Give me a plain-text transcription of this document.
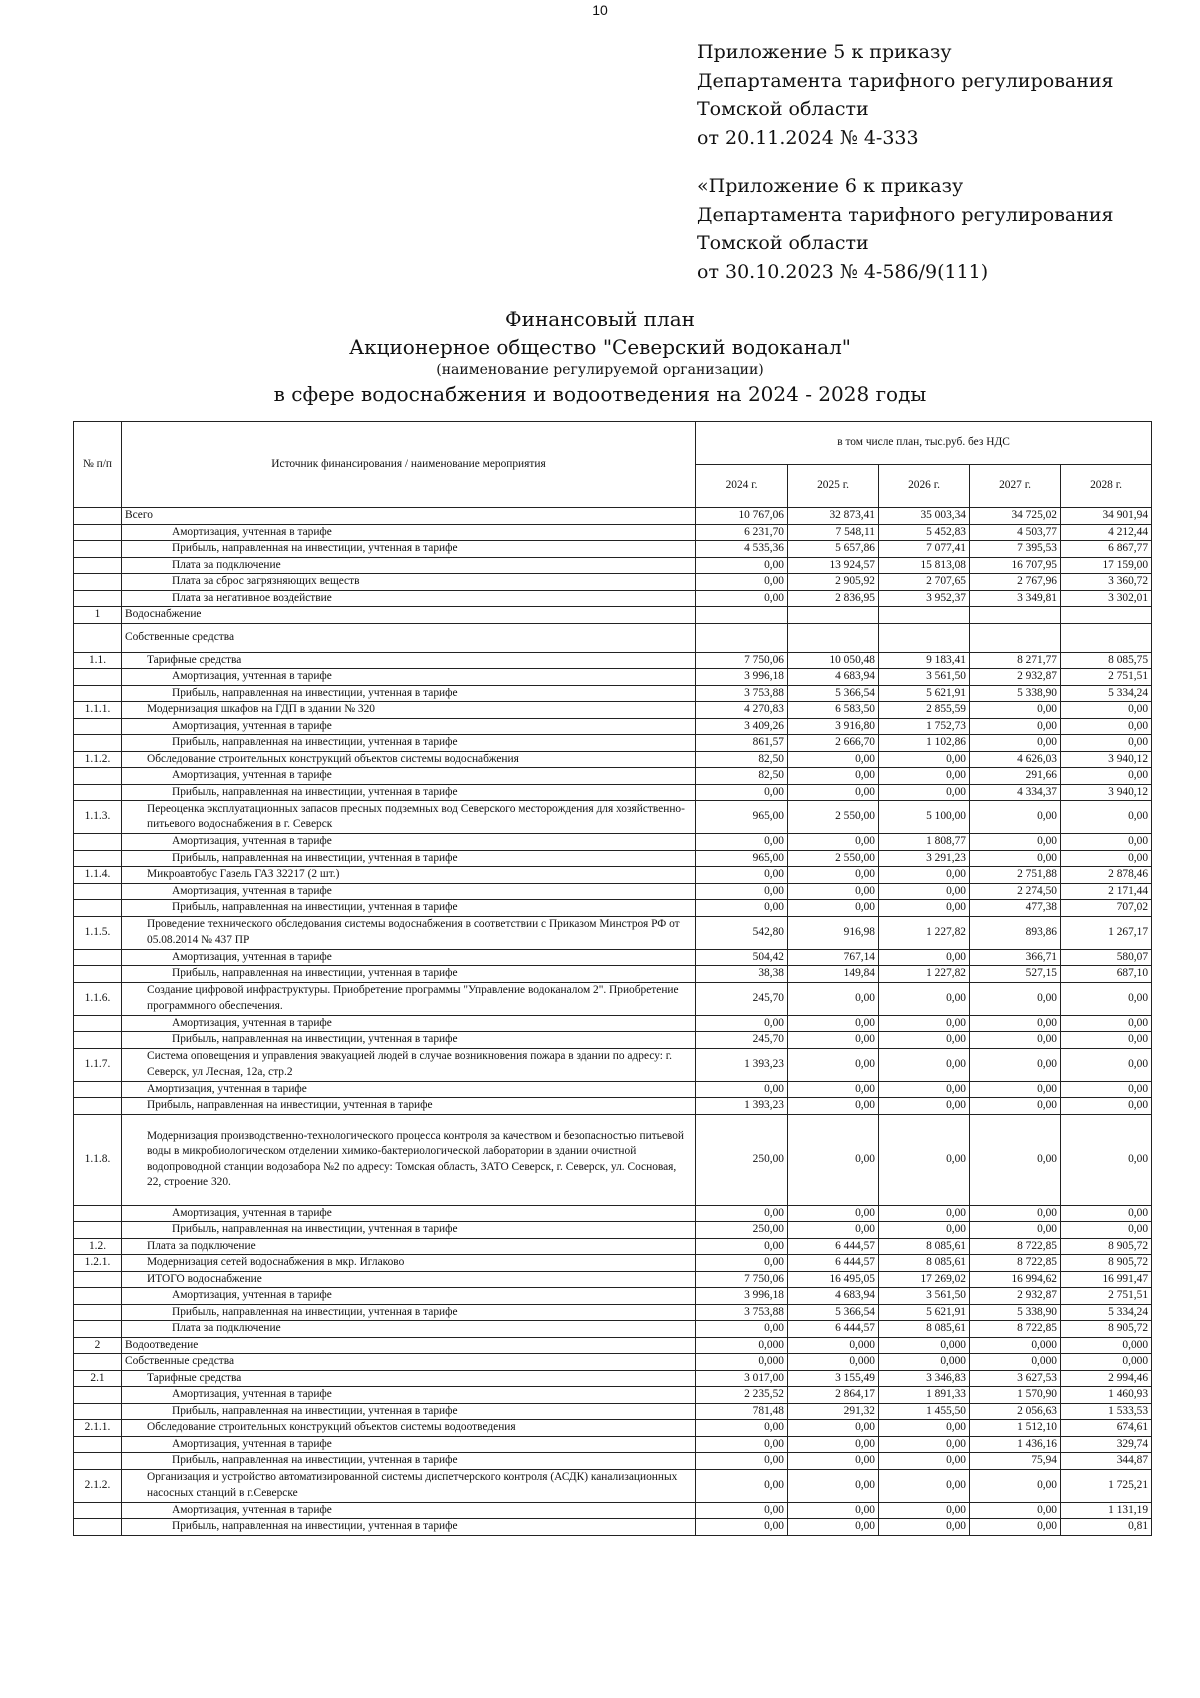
10
Приложение 5 к приказу
Департамента тарифного регулирования
Томской области
от 20.11.2024 № 4-333
«Приложение 6 к приказу
Департамента тарифного регулирования
Томской области
от 30.10.2023 № 4-586/9(111)
Финансовый план
Акционерное общество "Северский водоканал"
(наименование регулируемой организации)
в сфере водоснабжения и водоотведения на 2024 - 2028 годы
№ п/п	Источник финансирования / наименование мероприятия	в том числе план, тыс.руб. без НДС				
		2024 г.	2025 г.	2026 г.	2027 г.	2028 г.
	Всего	10 767,06	32 873,41	35 003,34	34 725,02	34 901,94
	Амортизация, учтенная в тарифе	6 231,70	7 548,11	5 452,83	4 503,77	4 212,44
	Прибыль, направленная на инвестиции, учтенная в тарифе	4 535,36	5 657,86	7 077,41	7 395,53	6 867,77
	Плата за подключение	0,00	13 924,57	15 813,08	16 707,95	17 159,00
	Плата за сброс загрязняющих веществ	0,00	2 905,92	2 707,65	2 767,96	3 360,72
	Плата за негативное воздействие	0,00	2 836,95	3 952,37	3 349,81	3 302,01
1	Водоснабжение					
	Собственные средства					
1.1.	Тарифные средства	7 750,06	10 050,48	9 183,41	8 271,77	8 085,75
	Амортизация, учтенная в тарифе	3 996,18	4 683,94	3 561,50	2 932,87	2 751,51
	Прибыль, направленная на инвестиции, учтенная в тарифе	3 753,88	5 366,54	5 621,91	5 338,90	5 334,24
1.1.1.	Модернизация шкафов на ГДП в здании № 320	4 270,83	6 583,50	2 855,59	0,00	0,00
	Амортизация, учтенная в тарифе	3 409,26	3 916,80	1 752,73	0,00	0,00
	Прибыль, направленная на инвестиции, учтенная в тарифе	861,57	2 666,70	1 102,86	0,00	0,00
1.1.2.	Обследование строительных конструкций объектов системы водоснабжения	82,50	0,00	0,00	4 626,03	3 940,12
	Амортизация, учтенная в тарифе	82,50	0,00	0,00	291,66	0,00
	Прибыль, направленная на инвестиции, учтенная в тарифе	0,00	0,00	0,00	4 334,37	3 940,12
1.1.3.	Переоценка эксплуатационных запасов пресных подземных вод Северского месторождения для хозяйственно-питьевого водоснабжения в г. Северск	965,00	2 550,00	5 100,00	0,00	0,00
	Амортизация, учтенная в тарифе	0,00	0,00	1 808,77	0,00	0,00
	Прибыль, направленная на инвестиции, учтенная в тарифе	965,00	2 550,00	3 291,23	0,00	0,00
1.1.4.	Микроавтобус Газель ГАЗ 32217 (2 шт.)	0,00	0,00	0,00	2 751,88	2 878,46
	Амортизация, учтенная в тарифе	0,00	0,00	0,00	2 274,50	2 171,44
	Прибыль, направленная на инвестиции, учтенная в тарифе	0,00	0,00	0,00	477,38	707,02
1.1.5.	Проведение технического обследования системы водоснабжения в соответствии с Приказом Минстроя РФ от 05.08.2014 № 437 ПР	542,80	916,98	1 227,82	893,86	1 267,17
	Амортизация, учтенная в тарифе	504,42	767,14	0,00	366,71	580,07
	Прибыль, направленная на инвестиции, учтенная в тарифе	38,38	149,84	1 227,82	527,15	687,10
1.1.6.	Создание цифровой инфраструктуры. Приобретение программы "Управление водоканалом 2". Приобретение программного обеспечения.	245,70	0,00	0,00	0,00	0,00
	Амортизация, учтенная в тарифе	0,00	0,00	0,00	0,00	0,00
	Прибыль, направленная на инвестиции, учтенная в тарифе	245,70	0,00	0,00	0,00	0,00
1.1.7.	Система оповещения и управления эвакуацией людей в случае возникновения пожара в здании по адресу: г. Северск, ул Лесная, 12а, стр.2	1 393,23	0,00	0,00	0,00	0,00
	Амортизация, учтенная в тарифе	0,00	0,00	0,00	0,00	0,00
	Прибыль, направленная на инвестиции, учтенная в тарифе	1 393,23	0,00	0,00	0,00	0,00
1.1.8.	Модернизация производственно-технологического процесса контроля за качеством и безопасностью питьевой воды в микробиологическом отделении химико-бактериологической лаборатории в здании очистной водопроводной станции водозабора №2 по адресу: Томская область, ЗАТО Северск, г. Северск, ул. Сосновая, 22, строение 320.	250,00	0,00	0,00	0,00	0,00
	Амортизация, учтенная в тарифе	0,00	0,00	0,00	0,00	0,00
	Прибыль, направленная на инвестиции, учтенная в тарифе	250,00	0,00	0,00	0,00	0,00
1.2.	Плата за подключение	0,00	6 444,57	8 085,61	8 722,85	8 905,72
1.2.1.	Модернизация сетей водоснабжения в мкр. Иглаково	0,00	6 444,57	8 085,61	8 722,85	8 905,72
	ИТОГО водоснабжение	7 750,06	16 495,05	17 269,02	16 994,62	16 991,47
	Амортизация, учтенная в тарифе	3 996,18	4 683,94	3 561,50	2 932,87	2 751,51
	Прибыль, направленная на инвестиции, учтенная в тарифе	3 753,88	5 366,54	5 621,91	5 338,90	5 334,24
	Плата за подключение	0,00	6 444,57	8 085,61	8 722,85	8 905,72
2	Водоотведение	0,000	0,000	0,000	0,000	0,000
	Собственные средства	0,000	0,000	0,000	0,000	0,000
2.1	Тарифные средства	3 017,00	3 155,49	3 346,83	3 627,53	2 994,46
	Амортизация, учтенная в тарифе	2 235,52	2 864,17	1 891,33	1 570,90	1 460,93
	Прибыль, направленная на инвестиции, учтенная в тарифе	781,48	291,32	1 455,50	2 056,63	1 533,53
2.1.1.	Обследование строительных конструкций объектов системы водоотведения	0,00	0,00	0,00	1 512,10	674,61
	Амортизация, учтенная в тарифе	0,00	0,00	0,00	1 436,16	329,74
	Прибыль, направленная на инвестиции, учтенная в тарифе	0,00	0,00	0,00	75,94	344,87
2.1.2.	Организация и устройство автоматизированной системы диспетчерского контроля (АСДК) канализационных насосных станций в г.Северске	0,00	0,00	0,00	0,00	1 725,21
	Амортизация, учтенная в тарифе	0,00	0,00	0,00	0,00	1 131,19
	Прибыль, направленная на инвестиции, учтенная в тарифе	0,00	0,00	0,00	0,00	0,81
